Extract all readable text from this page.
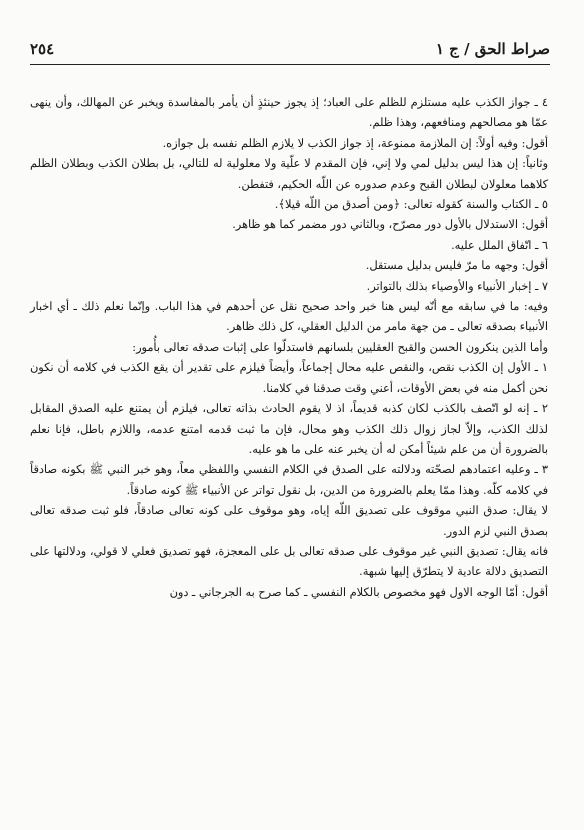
صراط الحق / ج ١
٢٥٤

٤ ـ جواز الكذب عليه مستلزم للظلم على العباد؛ إذ يجوز حينئذٍ أن يأمر بالمفاسدة ويخبر عن المهالك، وأن ينهى عمّا هو مصالحهم ومنافعهم، وهذا ظلم.

أقول: وفيه أولاً: إن الملازمة ممنوعة، إذ جواز الكذب لا يلازم الظلم نفسه بل جوازه.

وثانياً: إن هذا ليس بدليل لمي ولا إني، فإن المقدم لا علّية ولا معلولية له للتالي، بل بطلان الكذب وبطلان الظلم كلاهما معلولان لبطلان القبح وعدم صدوره عن اللّه الحكيم، فتفطن.

٥ ـ الكتاب والسنة كقوله تعالى: ﴿ومن أصدق من اللّه قيلا﴾.

أقول: الاستدلال بالأول دور مصرّح، وبالثاني دور مضمر كما هو ظاهر.

٦ ـ اتّفاق الملل عليه.

أقول: وجهه ما مرّ فليس بدليل مستقل.

٧ ـ إخبار الأنبياء والأوصياء بذلك بالتواتر.

وفيه: ما في سابقه مع أنّه ليس هنا خبر واحد صحيح نقل عن أحدهم في هذا الباب. وإنّما نعلم ذلك ـ أي اخبار الأنبياء بصدقه تعالى ـ من جهة مامر من الدليل العقلي، كل ذلك ظاهر.

وأما الذين ينكرون الحسن والقبح العقليين بلسانهم فاستدلّوا على إثبات صدقه تعالى بأُمور:

١ ـ الأول إن الكذب نقص، والنقص عليه محال إجماعاً، وأيضاً فيلزم على تقدير أن يقع الكذب في كلامه أن نكون نحن أكمل منه في بعض الأوقات، أعني وقت صدقنا في كلامنا.

٢ ـ إنه لو اتّصف بالكذب لكان كذبه قديماً، اذ لا يقوم الحادث بذاته تعالى، فيلزم أن يمتنع عليه الصدق المقابل لذلك الكذب، وإلاّ لجاز زوال ذلك الكذب وهو محال، فإن ما ثبت قدمه امتنع عدمه، واللازم باطل، فإنا نعلم بالضرورة أن من علم شيئاً أمكن له أن يخبر عنه على ما هو عليه.

٣ ـ وعليه اعتمادهم لصحّته ودلالته على الصدق في الكلام النفسي واللفظي معاً، وهو خبر النبي ﷺ بكونه صادقاً في كلامه كلّه. وهذا ممّا يعلم بالضرورة من الدين، بل نقول تواتر عن الأنبياء ﷺ كونه صادقاً.

لا يقال: صدق النبي موقوف على تصديق اللّه إياه، وهو موقوف على كونه تعالى صادقاً، فلو ثبت صدقه تعالى بصدق النبي لزم الدور.

فانه يقال: تصديق النبي غير موقوف على صدقه تعالى بل على المعجزة، فهو تصديق فعلي لا قولي، ودلالتها على التصديق دلالة عادية لا يتطرّق إليها شبهة.

أقول: أمّا الوجه الاول فهو مخصوص بالكلام النفسي ـ كما صرح به الجرجاني ـ دون
